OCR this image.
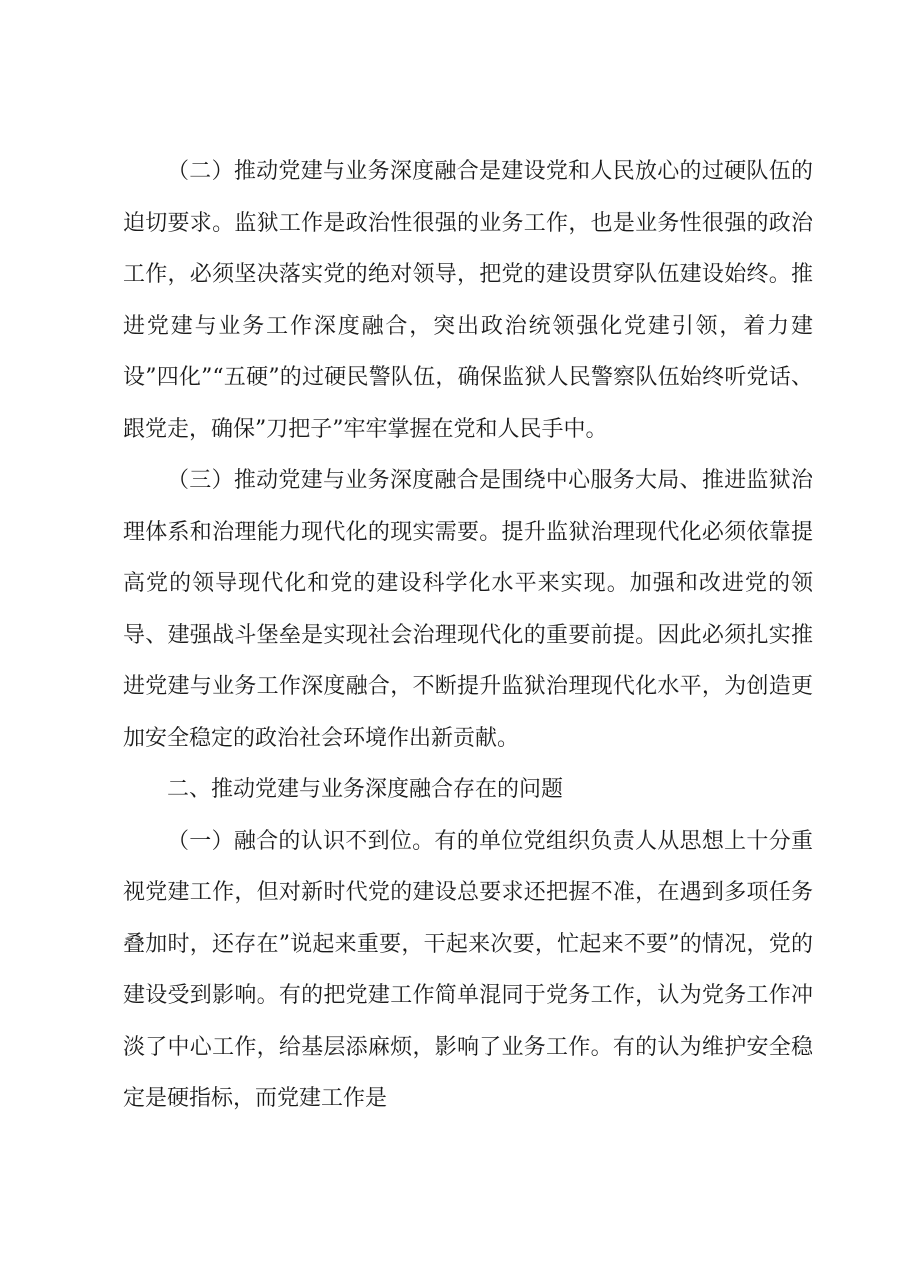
（二）推动党建与业务深度融合是建设党和人民放心的过硬队伍的迫切要求。监狱工作是政治性很强的业务工作，也是业务性很强的政治工作，必须坚决落实党的绝对领导，把党的建设贯穿队伍建设始终。推进党建与业务工作深度融合，突出政治统领强化党建引领，着力建设”四化”“五硬”的过硬民警队伍，确保监狱人民警察队伍始终听党话、跟党走，确保”刀把子”牢牢掌握在党和人民手中。

（三）推动党建与业务深度融合是围绕中心服务大局、推进监狱治理体系和治理能力现代化的现实需要。提升监狱治理现代化必须依靠提高党的领导现代化和党的建设科学化水平来实现。加强和改进党的领导、建强战斗堡垒是实现社会治理现代化的重要前提。因此必须扎实推进党建与业务工作深度融合，不断提升监狱治理现代化水平，为创造更加安全稳定的政治社会环境作出新贡献。

二、推动党建与业务深度融合存在的问题

（一）融合的认识不到位。有的单位党组织负责人从思想上十分重视党建工作，但对新时代党的建设总要求还把握不准，在遇到多项任务叠加时，还存在”说起来重要，干起来次要，忙起来不要”的情况，党的建设受到影响。有的把党建工作简单混同于党务工作，认为党务工作冲淡了中心工作，给基层添麻烦，影响了业务工作。有的认为维护安全稳定是硬指标，而党建工作是
